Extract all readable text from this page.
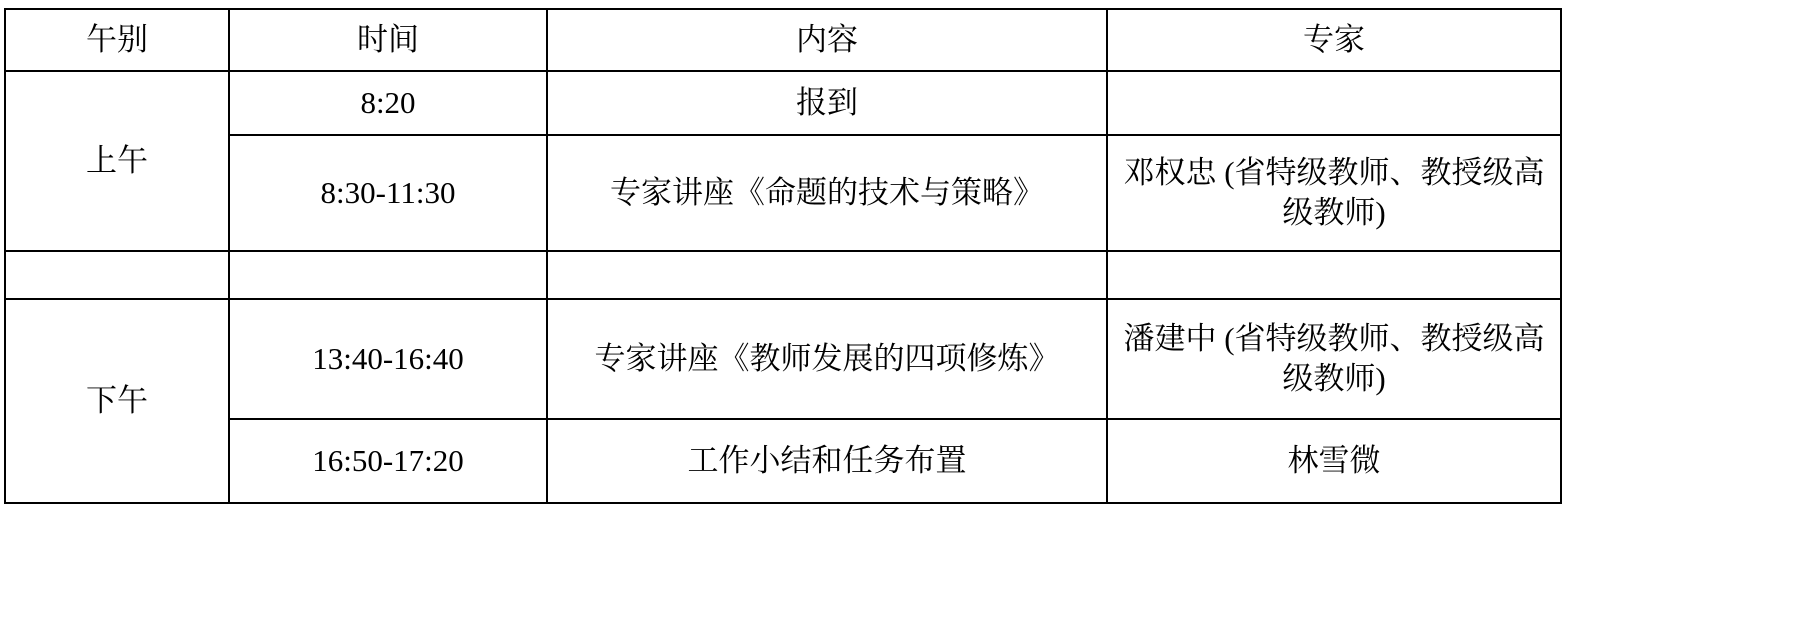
午别	时间	内容	专家
上午	8:20	报到	
	8:30-11:30	专家讲座《命题的技术与策略》	邓权忠 (省特级教师、教授级高级教师)

下午	13:40-16:40	专家讲座《教师发展的四项修炼》	潘建中 (省特级教师、教授级高级教师)
	16:50-17:20	工作小结和任务布置	林雪微
